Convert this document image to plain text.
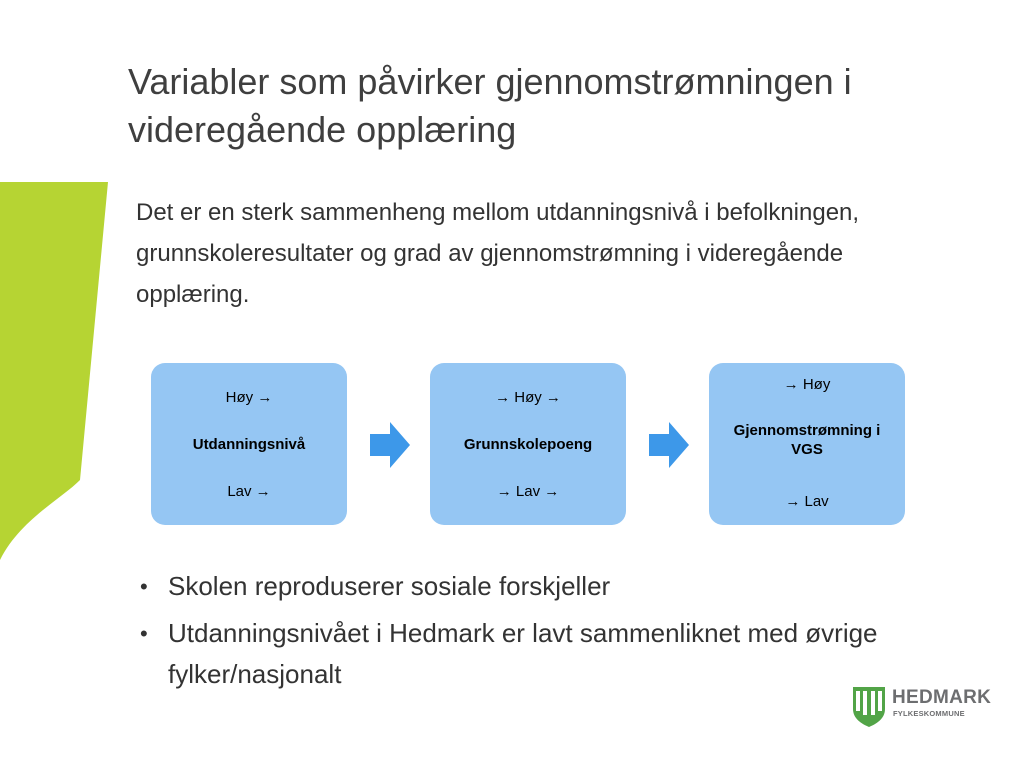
Variabler som påvirker gjennomstrømningen i videregående opplæring
Det er en sterk sammenheng mellom utdanningsnivå i befolkningen, grunnskoleresultater og grad av gjennomstrømning i videregående opplæring.
Høy →
Utdanningsnivå
Lav →
→ Høy →
Grunnskolepoeng
→ Lav →
→ Høy
Gjennomstrømning i VGS
→ Lav
• Skolen reproduserer sosiale forskjeller
• Utdanningsnivået i Hedmark er lavt sammenliknet med øvrige fylker/nasjonalt
HEDMARK
FYLKESKOMMUNE
